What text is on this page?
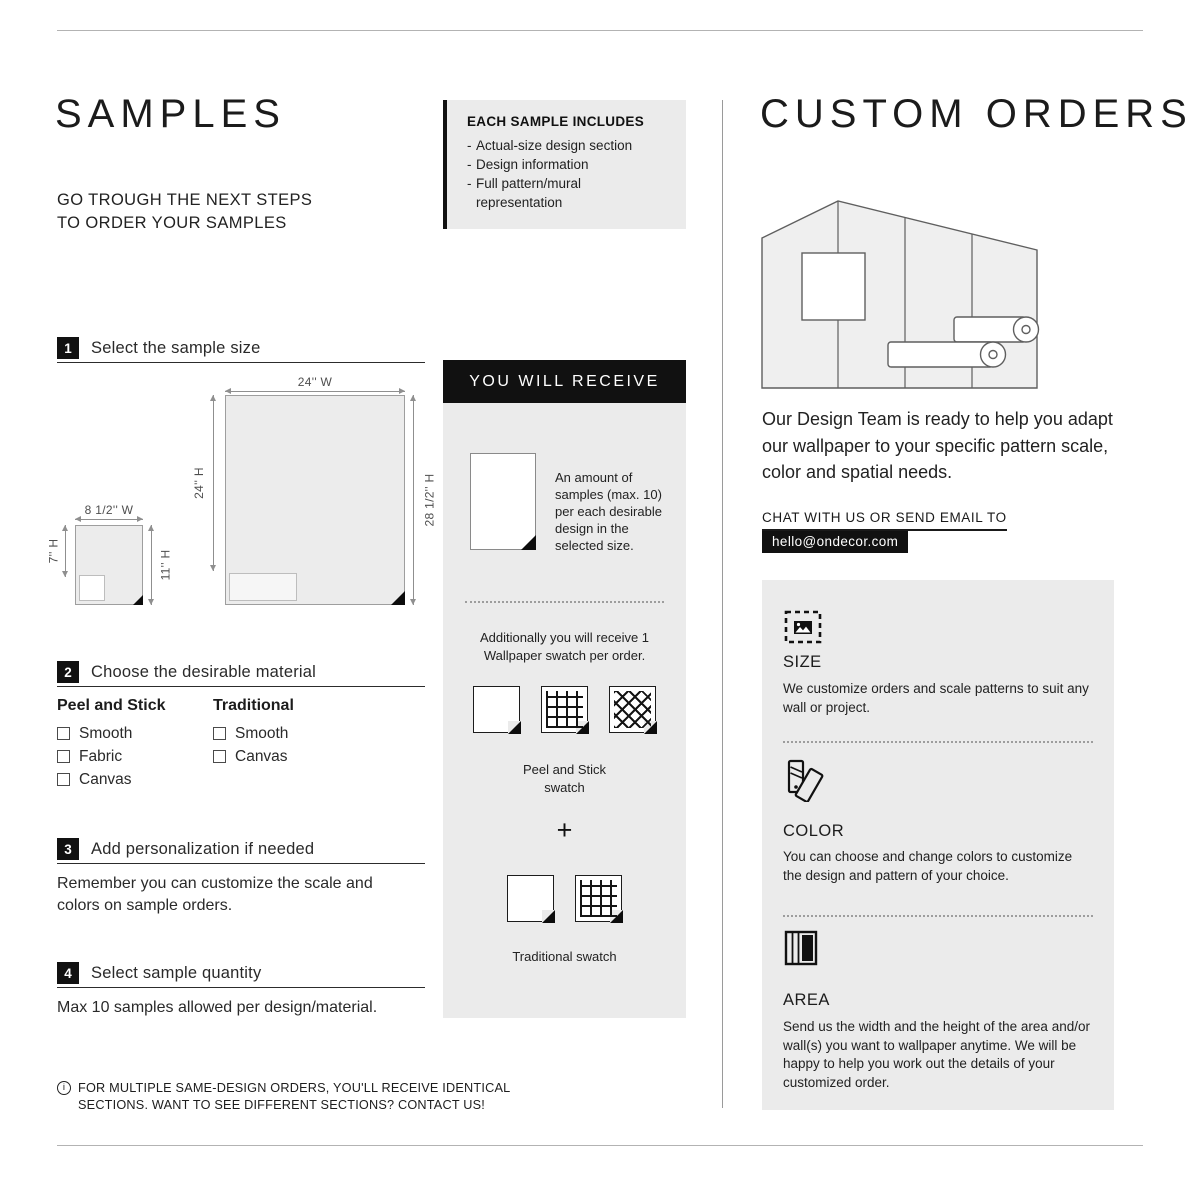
SAMPLES
GO TROUGH THE NEXT STEPS
TO ORDER YOUR SAMPLES
1	Select the sample size
24'' W
24'' H	28 1/2'' H
8 1/2'' W
7'' H	11'' H
2	Choose the desirable material
Peel and Stick
Smooth
Fabric
Canvas
Traditional
Smooth
Canvas
3	Add personalization if needed

Remember you can customize the scale and colors on sample orders.

4	Select sample quantity

Max 10 samples allowed per design/material.

i
FOR MULTIPLE SAME-DESIGN ORDERS, YOU'LL RECEIVE IDENTICAL SECTIONS. WANT TO SEE DIFFERENT SECTIONS? CONTACT US!
EACH SAMPLE INCLUDES
- Actual-size design section
- Design information
- Full pattern/mural representation
YOU WILL RECEIVE

An amount of samples (max. 10) per each desirable design in the selected size.

Additionally you will receive 1 Wallpaper swatch per order.

Peel and Stick swatch
+
Traditional swatch
CUSTOM ORDERS

Our Design Team is ready to help you adapt our wallpaper to your specific pattern scale, color and spatial needs.

CHAT WITH US OR SEND EMAIL TO
hello@ondecor.com
SIZE

We customize orders and scale patterns to suit any wall or project.

COLOR

You can choose and change colors to customize the design and pattern of your choice.

AREA

Send us the width and the height of the area and/or wall(s) you want to wallpaper anytime. We will be happy to help you work out the details of your customized order.
